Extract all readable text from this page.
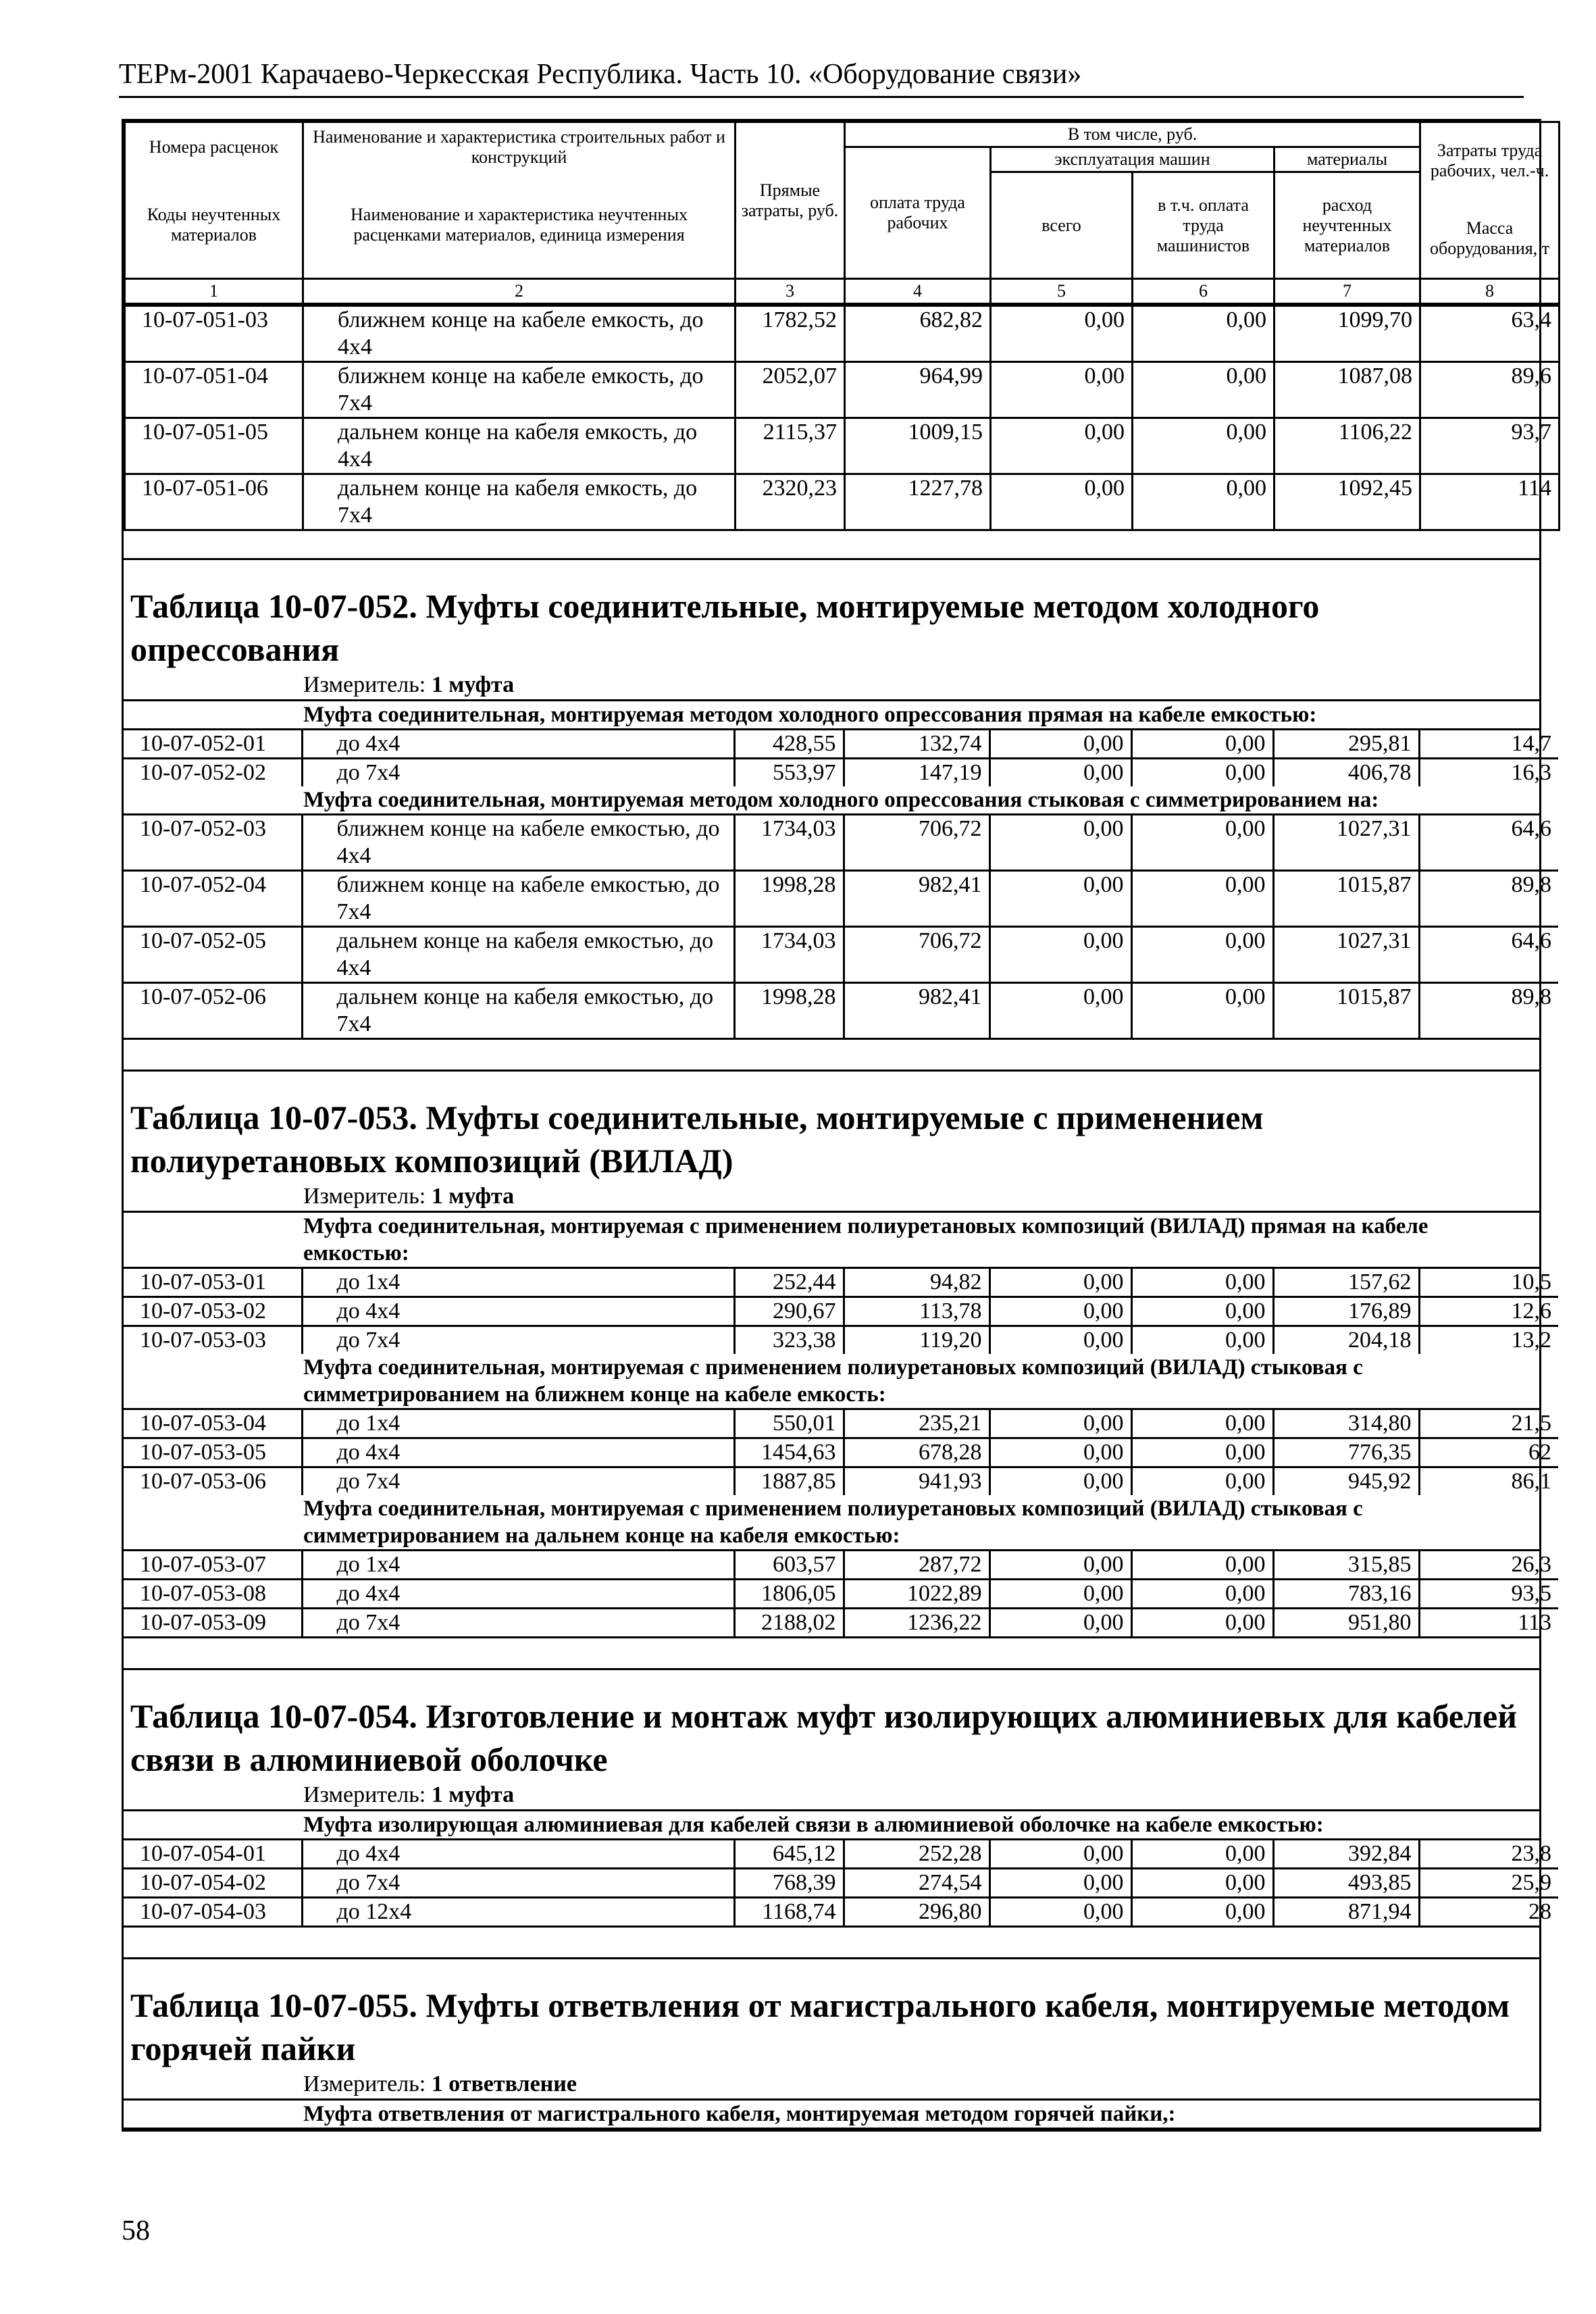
ТЕРм-2001 Карачаево-Черкесская Республика. Часть 10. «Оборудование связи»
Номера расценок	Наименование и характеристика строительных работ и конструкций	Прямые затраты, руб.	В том числе, руб.				Затраты труда рабочих, чел.-ч.
			оплата труда рабочих	эксплуатация машин		материалы	
Коды неучтенных материалов	Наименование и характеристика неучтенных расценками материалов, единица измерения			всего	в т.ч. оплата труда машинистов	расход неучтенных материалов	
							Масса оборудования, т
1	2	3	4	5	6	7	8
10-07-051-03	ближнем конце на кабеле емкость, до 4х4	1782,52	682,82	0,00	0,00	1099,70	63,4
10-07-051-04	ближнем конце на кабеле емкость, до 7х4	2052,07	964,99	0,00	0,00	1087,08	89,6
10-07-051-05	дальнем конце на кабеля емкость, до 4х4	2115,37	1009,15	0,00	0,00	1106,22	93,7
10-07-051-06	дальнем конце на кабеля емкость, до 7х4	2320,23	1227,78	0,00	0,00	1092,45	114
Таблица 10-07-052. Муфты соединительные, монтируемые методом холодного опрессования
Измеритель: 1 муфта
Муфта соединительная, монтируемая методом холодного опрессования прямая на кабеле емкостью:
10-07-052-01	до 4х4	428,55	132,74	0,00	0,00	295,81	14,7
10-07-052-02	до 7х4	553,97	147,19	0,00	0,00	406,78	16,3
Муфта соединительная, монтируемая методом холодного опрессования стыковая с симметрированием на:
10-07-052-03	ближнем конце на кабеле емкостью, до 4х4	1734,03	706,72	0,00	0,00	1027,31	64,6
10-07-052-04	ближнем конце на кабеле емкостью, до 7х4	1998,28	982,41	0,00	0,00	1015,87	89,8
10-07-052-05	дальнем конце на кабеля емкостью, до 4х4	1734,03	706,72	0,00	0,00	1027,31	64,6
10-07-052-06	дальнем конце на кабеля емкостью, до 7х4	1998,28	982,41	0,00	0,00	1015,87	89,8
Таблица 10-07-053. Муфты соединительные, монтируемые с применением полиуретановых композиций (ВИЛАД)
Измеритель: 1 муфта
Муфта соединительная, монтируемая с применением полиуретановых композиций (ВИЛАД) прямая на кабеле емкостью:
10-07-053-01	до 1х4	252,44	94,82	0,00	0,00	157,62	10,5
10-07-053-02	до 4х4	290,67	113,78	0,00	0,00	176,89	12,6
10-07-053-03	до 7х4	323,38	119,20	0,00	0,00	204,18	13,2
Муфта соединительная, монтируемая с применением полиуретановых композиций (ВИЛАД) стыковая с симметрированием на ближнем конце на кабеле емкость:
10-07-053-04	до 1х4	550,01	235,21	0,00	0,00	314,80	21,5
10-07-053-05	до 4х4	1454,63	678,28	0,00	0,00	776,35	62
10-07-053-06	до 7х4	1887,85	941,93	0,00	0,00	945,92	86,1
Муфта соединительная, монтируемая с применением полиуретановых композиций (ВИЛАД) стыковая с симметрированием на дальнем конце на кабеля емкостью:
10-07-053-07	до 1х4	603,57	287,72	0,00	0,00	315,85	26,3
10-07-053-08	до 4х4	1806,05	1022,89	0,00	0,00	783,16	93,5
10-07-053-09	до 7х4	2188,02	1236,22	0,00	0,00	951,80	113
Таблица 10-07-054. Изготовление и монтаж муфт изолирующих алюминиевых для кабелей связи в алюминиевой оболочке
Измеритель: 1 муфта
Муфта изолирующая алюминиевая для кабелей связи в алюминиевой оболочке на кабеле емкостью:
10-07-054-01	до 4х4	645,12	252,28	0,00	0,00	392,84	23,8
10-07-054-02	до 7х4	768,39	274,54	0,00	0,00	493,85	25,9
10-07-054-03	до 12х4	1168,74	296,80	0,00	0,00	871,94	28
Таблица 10-07-055. Муфты ответвления от магистрального кабеля, монтируемые методом горячей пайки
Измеритель: 1 ответвление
Муфта ответвления от магистрального кабеля, монтируемая методом горячей пайки,:
58
